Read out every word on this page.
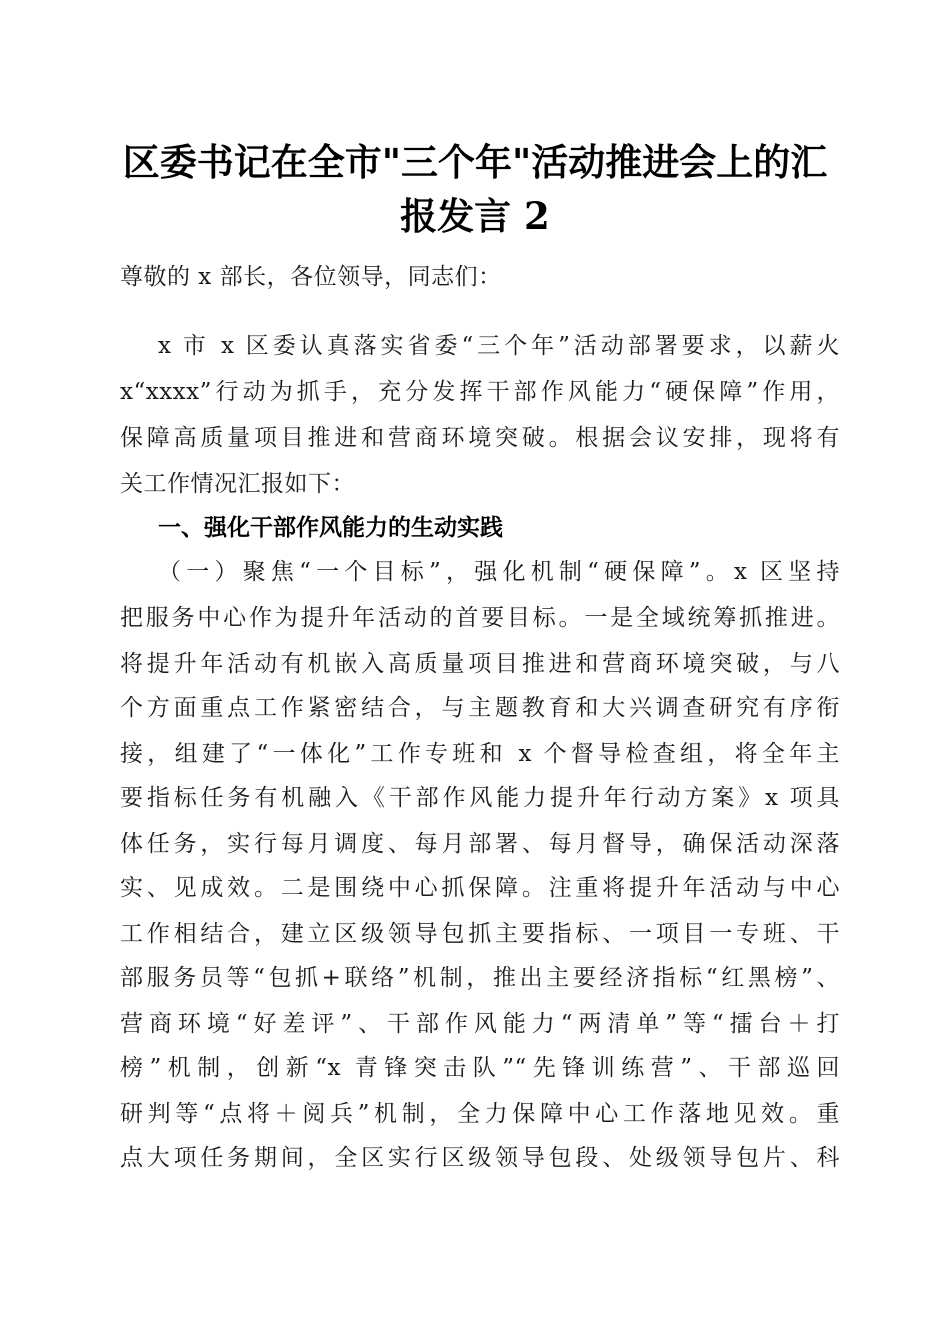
区委书记在全市"三个年"活动推进会上的汇
报发言 2
尊敬的 x 部长，各位领导，同志们：
x 市 x 区委认真落实省委“三个年”活动部署要求，以薪火
x“xxxx”行动为抓手，充分发挥干部作风能力“硬保障”作用，
保障高质量项目推进和营商环境突破。根据会议安排，现将有
关工作情况汇报如下：
一、强化干部作风能力的生动实践
（一）聚焦“一个目标”，强化机制“硬保障”。x 区坚持
把服务中心作为提升年活动的首要目标。一是全域统筹抓推进。
将提升年活动有机嵌入高质量项目推进和营商环境突破，与八
个方面重点工作紧密结合，与主题教育和大兴调查研究有序衔
接，组建了“一体化”工作专班和 x 个督导检查组，将全年主
要指标任务有机融入《干部作风能力提升年行动方案》x 项具
体任务，实行每月调度、每月部署、每月督导，确保活动深落
实、见成效。二是围绕中心抓保障。注重将提升年活动与中心
工作相结合，建立区级领导包抓主要指标、一项目一专班、干
部服务员等“包抓+联络”机制，推出主要经济指标“红黑榜”、
营商环境“好差评”、干部作风能力“两清单”等“擂台＋打
榜”机制，创新“x 青锋突击队”“先锋训练营”、干部巡回
研判等“点将＋阅兵”机制，全力保障中心工作落地见效。重
点大项任务期间，全区实行区级领导包段、处级领导包片、科
